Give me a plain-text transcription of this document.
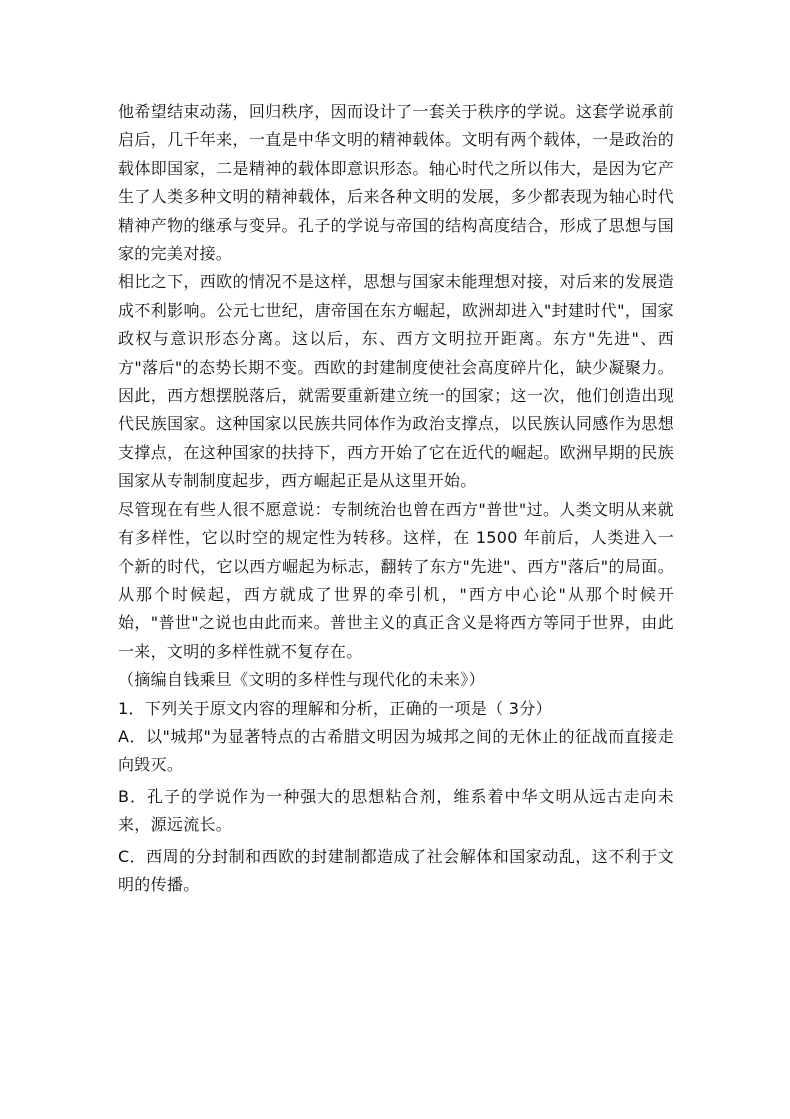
他希望结束动荡，回归秩序，因而设计了一套关于秩序的学说。这套学说承前启后，几千年来，一直是中华文明的精神载体。文明有两个载体，一是政治的载体即国家，二是精神的载体即意识形态。轴心时代之所以伟大，是因为它产生了人类多种文明的精神载体，后来各种文明的发展，多少都表现为轴心时代精神产物的继承与变异。孔子的学说与帝国的结构高度结合，形成了思想与国家的完美对接。

相比之下，西欧的情况不是这样，思想与国家未能理想对接，对后来的发展造成不利影响。公元七世纪，唐帝国在东方崛起，欧洲却进入"封建时代"，国家政权与意识形态分离。这以后，东、西方文明拉开距离。东方"先进"、西方"落后"的态势长期不变。西欧的封建制度使社会高度碎片化，缺少凝聚力。因此，西方想摆脱落后，就需要重新建立统一的国家；这一次，他们创造出现代民族国家。这种国家以民族共同体作为政治支撑点，以民族认同感作为思想支撑点，在这种国家的扶持下，西方开始了它在近代的崛起。欧洲早期的民族国家从专制制度起步，西方崛起正是从这里开始。

尽管现在有些人很不愿意说：专制统治也曾在西方"普世"过。人类文明从来就有多样性，它以时空的规定性为转移。这样，在 1500 年前后，人类进入一个新的时代，它以西方崛起为标志，翻转了东方"先进"、西方"落后"的局面。从那个时候起，西方就成了世界的牵引机，"西方中心论"从那个时候开始，"普世"之说也由此而来。普世主义的真正含义是将西方等同于世界，由此一来，文明的多样性就不复存在。

（摘编自钱乘旦《文明的多样性与现代化的未来》）

1．下列关于原文内容的理解和分析，正确的一项是（ 3分）

A．以"城邦"为显著特点的古希腊文明因为城邦之间的无休止的征战而直接走向毁灭。

B．孔子的学说作为一种强大的思想粘合剂，维系着中华文明从远古走向未来，源远流长。

C．西周的分封制和西欧的封建制都造成了社会解体和国家动乱，这不利于文明的传播。
